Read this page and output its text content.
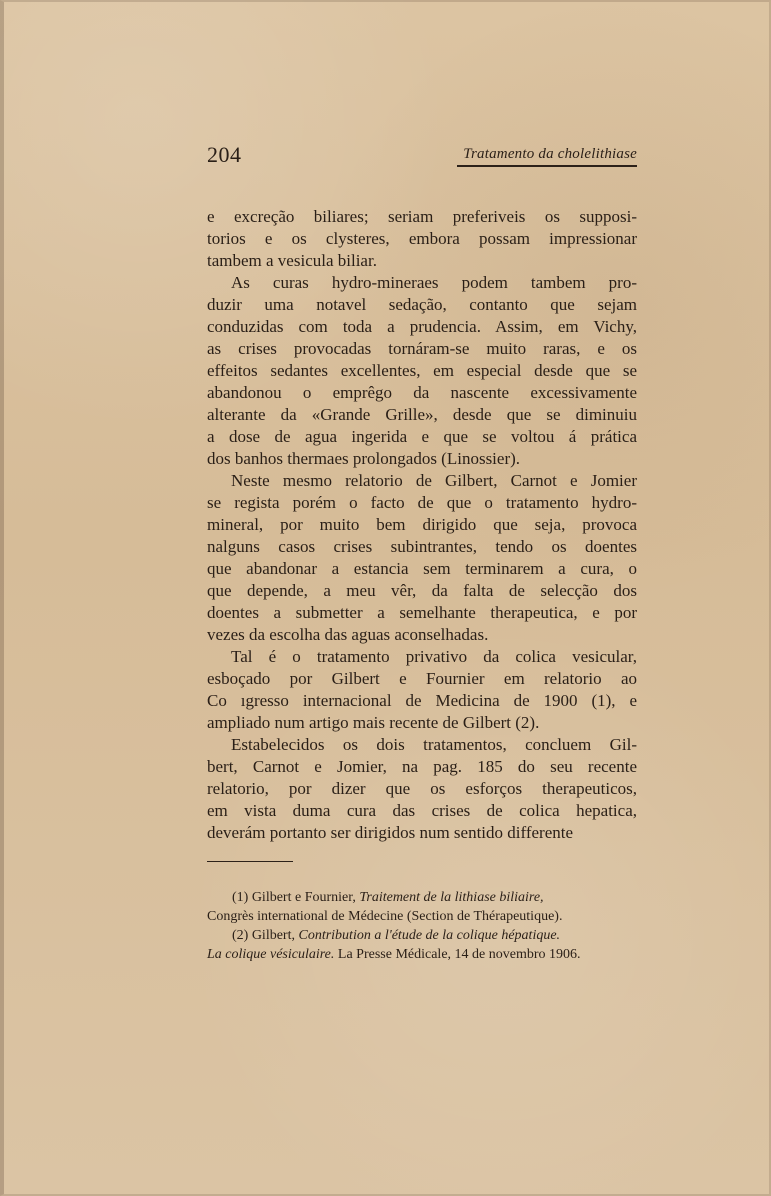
204	Tratamento da cholelithiase
e excreção biliares; seriam preferiveis os supposi-
torios e os clysteres, embora possam impressionar
tambem a vesicula biliar.
As curas hydro-mineraes podem tambem pro-
duzir uma notavel sedação, contanto que sejam
conduzidas com toda a prudencia. Assim, em Vichy,
as crises provocadas tornáram-se muito raras, e os
effeitos sedantes excellentes, em especial desde que se
abandonou o emprêgo da nascente excessivamente
alterante da «Grande Grille», desde que se diminuiu
a dose de agua ingerida e que se voltou á prática
dos banhos thermaes prolongados (Linossier).
Neste mesmo relatorio de Gilbert, Carnot e Jomier
se regista porém o facto de que o tratamento hydro-
mineral, por muito bem dirigido que seja, provoca
nalguns casos crises subintrantes, tendo os doentes
que abandonar a estancia sem terminarem a cura, o
que depende, a meu vêr, da falta de selecção dos
doentes a submetter a semelhante therapeutica, e por
vezes da escolha das aguas aconselhadas.
Tal é o tratamento privativo da colica vesicular,
esboçado por Gilbert e Fournier em relatorio ao
Co ıgresso internacional de Medicina de 1900 (1), e
ampliado num artigo mais recente de Gilbert (2).
Estabelecidos os dois tratamentos, concluem Gil-
bert, Carnot e Jomier, na pag. 185 do seu recente
relatorio, por dizer que os esforços therapeuticos,
em vista duma cura das crises de colica hepatica,
deverám portanto ser dirigidos num sentido differente
(1) Gilbert e Fournier, Traitement de la lithiase biliaire,
Congrès international de Médecine (Section de Thérapeutique).
(2) Gilbert, Contribution a l'étude de la colique hépatique.
La colique vésiculaire. La Presse Médicale, 14 de novembro 1906.
